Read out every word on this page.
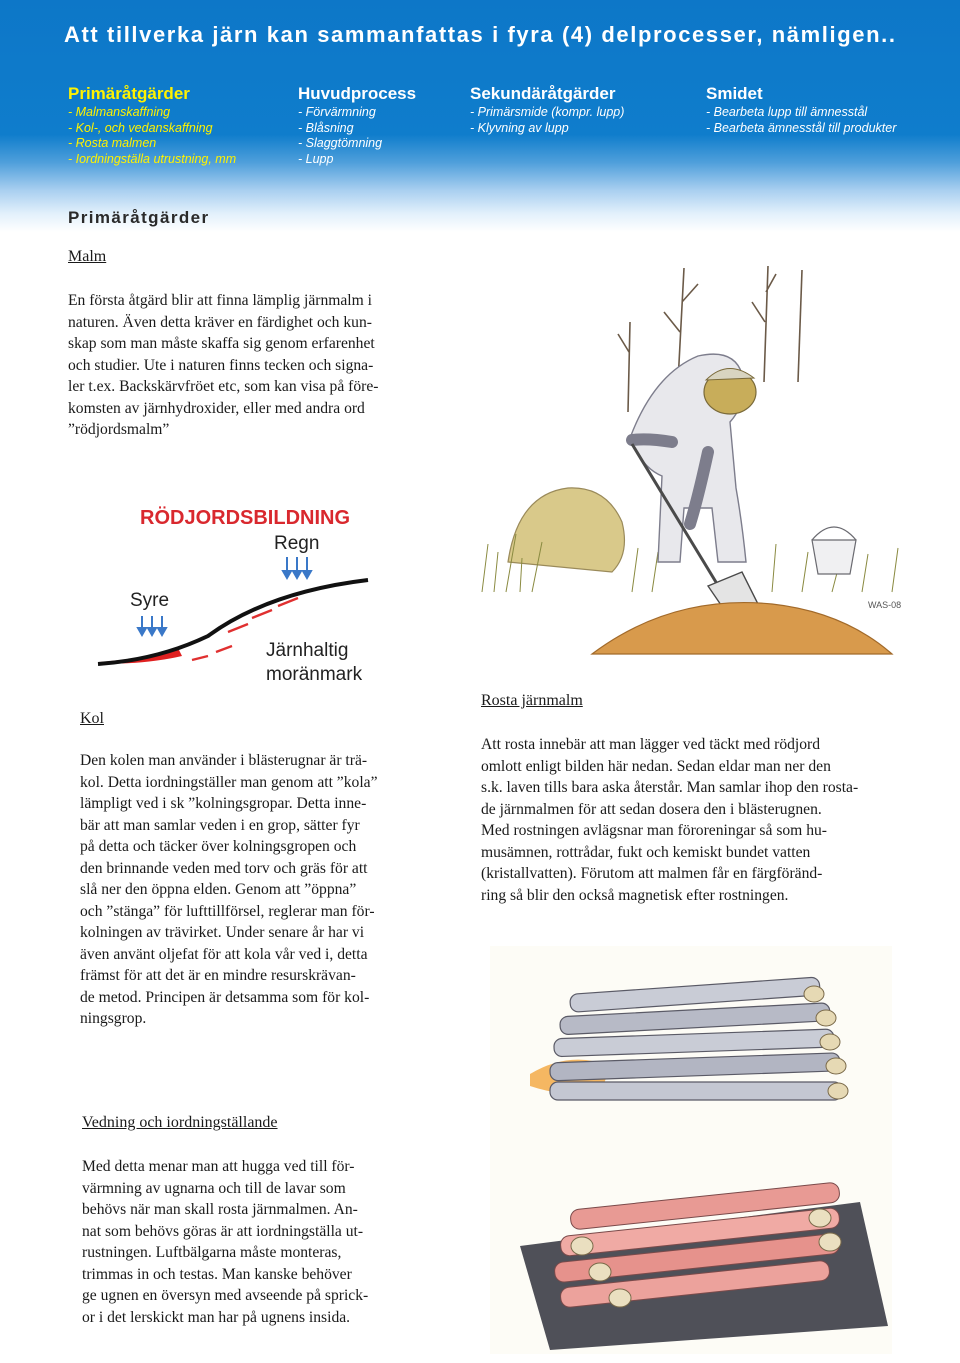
Att tillverka järn kan sammanfattas i fyra (4) delprocesser, nämligen..
Primäråtgärder
- Malmanskaffning
- Kol-, och vedanskaffning
- Rosta malmen
- Iordningställa utrustning, mm
Huvudprocess
- Förvärmning
- Blåsning
- Slaggtömning
- Lupp
Sekundäråtgärder
- Primärsmide (kompr. lupp)
- Klyvning av lupp
Smidet
- Bearbeta lupp till ämnesstål
- Bearbeta ämnesstål till produkter
Primäråtgärder
Malm
En första åtgärd blir att finna lämplig järnmalm i
naturen. Även detta kräver en färdighet och kun-
skap som man måste skaffa sig genom erfarenhet
och studier. Ute i naturen finns tecken och signa-
ler t.ex. Backskärvfröet etc, som kan visa på före-
komsten av järnhydroxider, eller med andra ord
”rödjordsmalm”
WAS-08
RÖDJORDSBILDNING
Regn
Syre
Järnhaltig
moränmark
Kol
Den kolen man använder i blästerugnar är trä-
kol. Detta iordningställer man genom att ”kola”
lämpligt ved i sk ”kolningsgropar. Detta inne-
bär att man samlar veden i en grop, sätter fyr
på detta och täcker över kolningsgropen och
den brinnande veden med torv och gräs för att
slå ner den öppna elden. Genom att ”öppna”
och ”stänga” för lufttillförsel, reglerar man för-
kolningen av trävirket. Under senare år har vi
även använt oljefat för att kola vår ved i, detta
främst för att det är en mindre resurskrävan-
de metod. Principen är detsamma som för kol-
ningsgrop.
Rosta järnmalm
Att rosta innebär att man lägger ved täckt med rödjord
omlott enligt bilden här nedan. Sedan eldar man ner den
s.k. laven tills bara aska återstår. Man samlar ihop den rosta-
de järnmalmen för att sedan dosera den i blästerugnen.
Med rostningen avlägsnar man föroreningar så som hu-
musämnen, rottrådar, fukt och kemiskt bundet vatten
(kristallvatten). Förutom att malmen får en färgföränd-
ring så blir den också magnetisk efter rostningen.
Vedning och iordningställande
Med detta menar man att hugga ved till för-
värmning av ugnarna och till de lavar som
behövs när man skall rosta järnmalmen. An-
nat som behövs göras är att iordningställa ut-
rustningen. Luftbälgarna måste monteras,
trimmas in och testas. Man kanske behöver
ge ugnen en översyn med avseende på sprick-
or i det lerskickt man har på ugnens insida.
